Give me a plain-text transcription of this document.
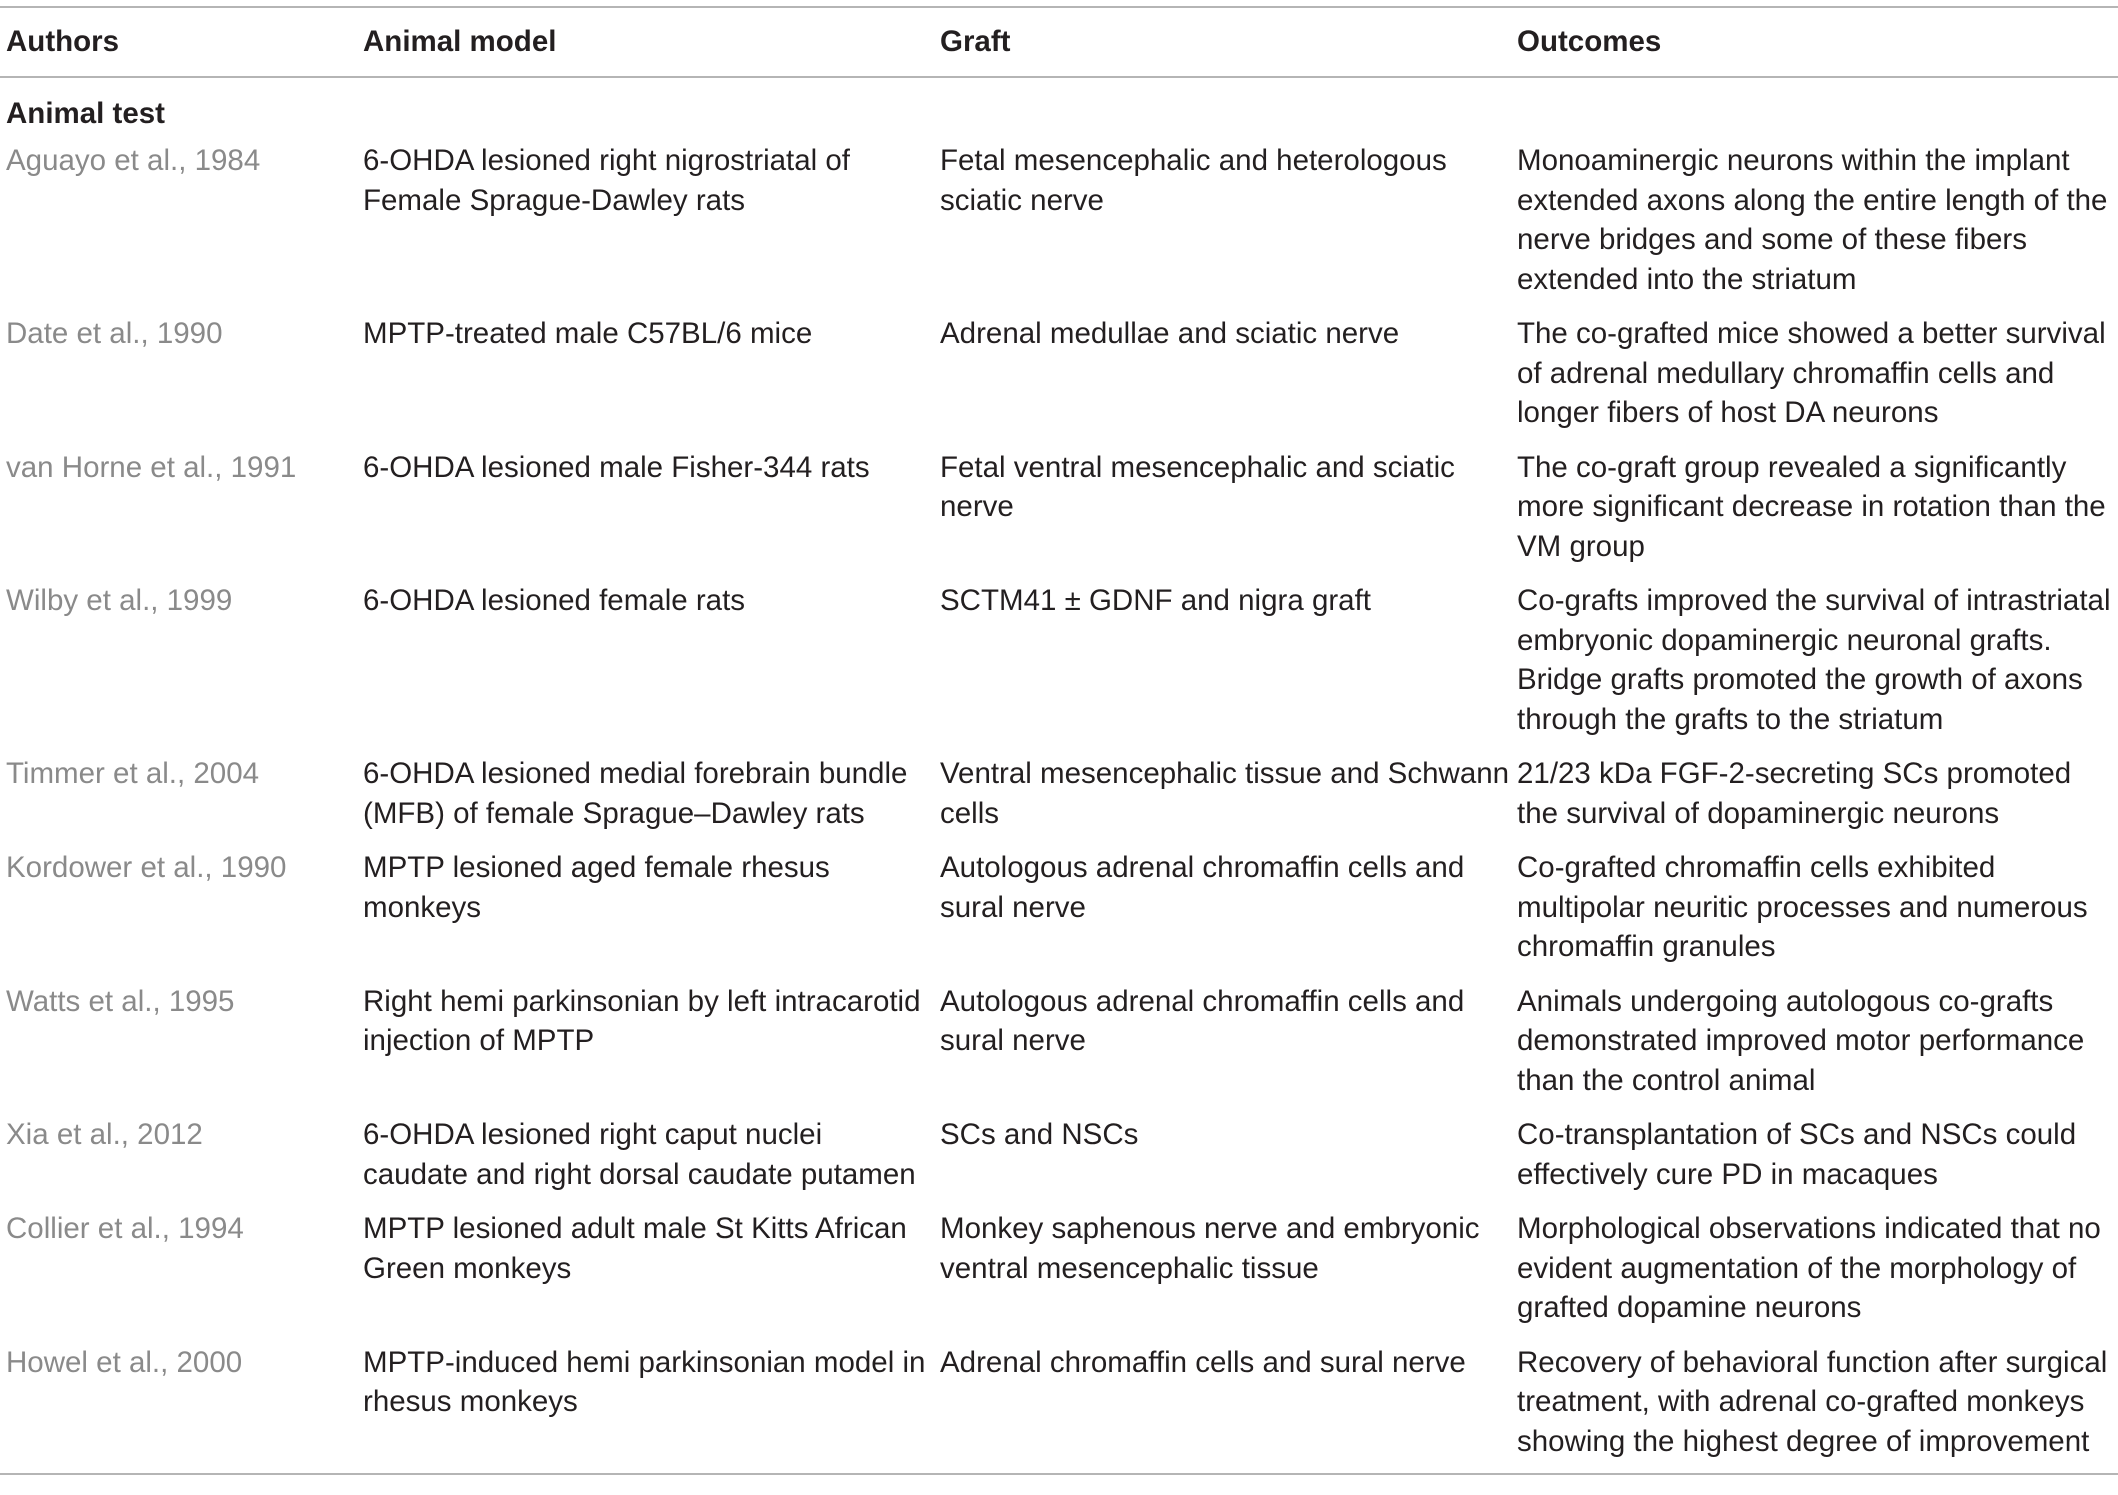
Authors	Animal model	Graft	Outcomes
Animal test			
Aguayo et al., 1984	6-OHDA lesioned right nigrostriatal of Female Sprague-Dawley rats	Fetal mesencephalic and heterologous sciatic nerve	Monoaminergic neurons within the implant extended axons along the entire length of the nerve bridges and some of these fibers extended into the striatum
Date et al., 1990	MPTP-treated male C57BL/6 mice	Adrenal medullae and sciatic nerve	The co-grafted mice showed a better survival of adrenal medullary chromaffin cells and longer fibers of host DA neurons
van Horne et al., 1991	6-OHDA lesioned male Fisher-344 rats	Fetal ventral mesencephalic and sciatic nerve	The co-graft group revealed a significantly more significant decrease in rotation than the VM group
Wilby et al., 1999	6-OHDA lesioned female rats	SCTM41 ± GDNF and nigra graft	Co-grafts improved the survival of intrastriatal embryonic dopaminergic neuronal grafts. Bridge grafts promoted the growth of axons through the grafts to the striatum
Timmer et al., 2004	6-OHDA lesioned medial forebrain bundle (MFB) of female Sprague–Dawley rats	Ventral mesencephalic tissue and Schwann cells	21/23 kDa FGF-2-secreting SCs promoted the survival of dopaminergic neurons
Kordower et al., 1990	MPTP lesioned aged female rhesus monkeys	Autologous adrenal chromaffin cells and sural nerve	Co-grafted chromaffin cells exhibited multipolar neuritic processes and numerous chromaffin granules
Watts et al., 1995	Right hemi parkinsonian by left intracarotid injection of MPTP	Autologous adrenal chromaffin cells and sural nerve	Animals undergoing autologous co-grafts demonstrated improved motor performance than the control animal
Xia et al., 2012	6-OHDA lesioned right caput nuclei caudate and right dorsal caudate putamen	SCs and NSCs	Co-transplantation of SCs and NSCs could effectively cure PD in macaques
Collier et al., 1994	MPTP lesioned adult male St Kitts African Green monkeys	Monkey saphenous nerve and embryonic ventral mesencephalic tissue	Morphological observations indicated that no evident augmentation of the morphology of grafted dopamine neurons
Howel et al., 2000	MPTP-induced hemi parkinsonian model in rhesus monkeys	Adrenal chromaffin cells and sural nerve	Recovery of behavioral function after surgical treatment, with adrenal co-grafted monkeys showing the highest degree of improvement
